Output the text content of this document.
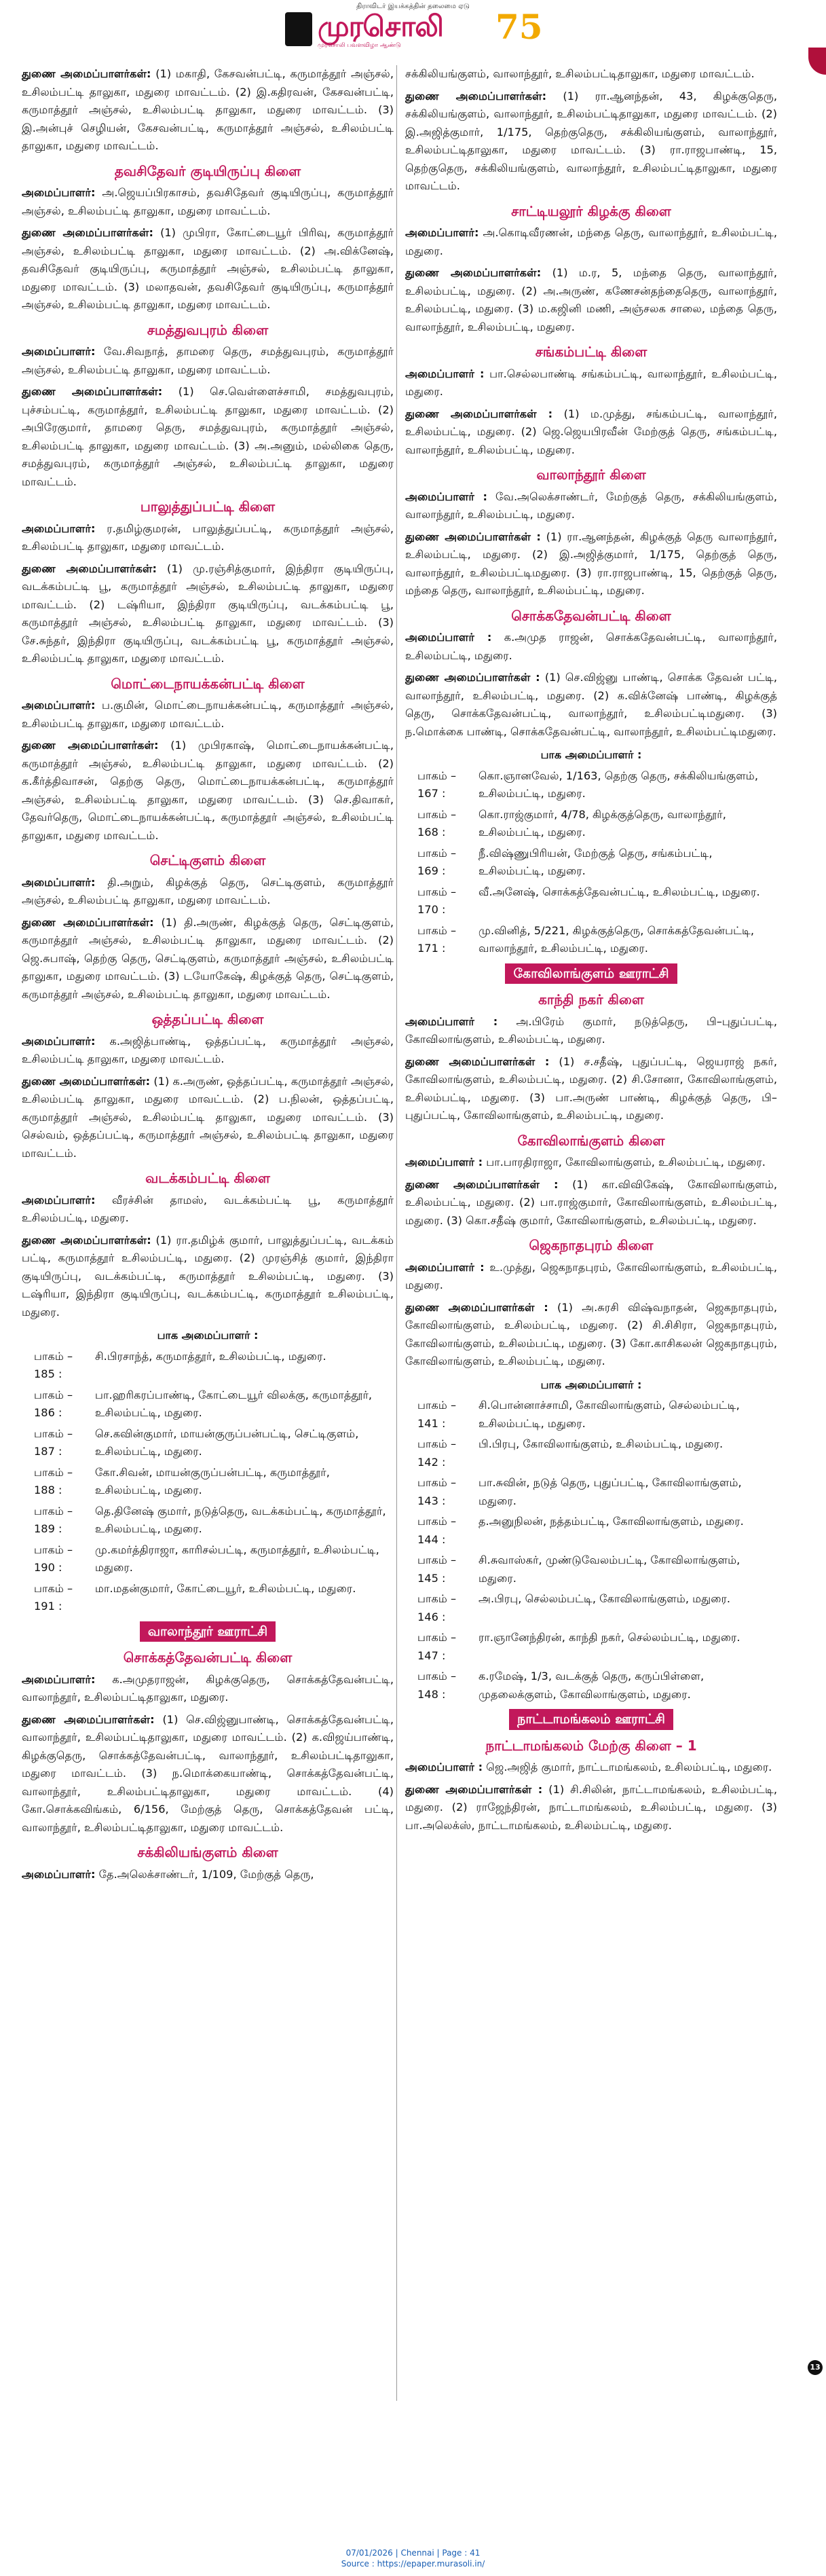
திராவிடர் இயக்கத்தின் தலைமை ஏடு
முரசொலி 75
முரசொலி பவளவிழா ஆண்டு

துணை அமைப்பாளர்கள்: (1) மகாதி, கேசவன்பட்டி, கருமாத்தூர் அஞ்சல், உசிலம்பட்டி தாலுகா, மதுரை மாவட்டம். (2) இ.கதிரவன், கேசவன்பட்டி, கருமாத்தூர் அஞ்சல், உசிலம்பட்டி தாலுகா, மதுரை மாவட்டம். (3) இ.அன்புச் செழியன், கேசவன்பட்டி, கருமாத்தூர் அஞ்சல், உசிலம்பட்டி தாலுகா, மதுரை மாவட்டம்.

தவசிதேவர் குடியிருப்பு கிளை

அமைப்பாளர்: அ.ஜெயப்பிரகாசம், தவசிதேவர் குடியிருப்பு, கருமாத்தூர் அஞ்சல், உசிலம்பட்டி தாலுகா, மதுரை மாவட்டம்.

துணை அமைப்பாளர்கள்: (1) முபிரா, கோட்டையூர் பிரிவு, கருமாத்தூர் அஞ்சல், உசிலம்பட்டி தாலுகா, மதுரை மாவட்டம். (2) அ.விக்னேஷ், தவசிதேவர் குடியிருப்பு, கருமாத்தூர் அஞ்சல், உசிலம்பட்டி தாலுகா, மதுரை மாவட்டம். (3) மலாதவன், தவசிதேவர் குடியிருப்பு, கருமாத்தூர் அஞ்சல், உசிலம்பட்டி தாலுகா, மதுரை மாவட்டம்.

சமத்துவபுரம் கிளை

அமைப்பாளர்: வே.சிவநாத், தாமரை தெரு, சமத்துவபுரம், கருமாத்தூர் அஞ்சல், உசிலம்பட்டி தாலுகா, மதுரை மாவட்டம்.

துணை அமைப்பாளர்கள்: (1) செ.வெள்ளைச்சாமி, சமத்துவபுரம், புச்சம்பட்டி, கருமாத்தூர், உசிலம்பட்டி தாலுகா, மதுரை மாவட்டம். (2) அபிரேகுமார், தாமரை தெரு, சமத்துவபுரம், கருமாத்தூர் அஞ்சல், உசிலம்பட்டி தாலுகா, மதுரை மாவட்டம். (3) அ.அனும், மல்லிகை தெரு, சமத்துவபுரம், கருமாத்தூர் அஞ்சல், உசிலம்பட்டி தாலுகா, மதுரை மாவட்டம்.

பாலுத்துப்பட்டி கிளை

அமைப்பாளர்: ர.தமிழ்குமரன், பாலுத்துப்பட்டி, கருமாத்தூர் அஞ்சல், உசிலம்பட்டி தாலுகா, மதுரை மாவட்டம்.

துணை அமைப்பாளர்கள்: (1) மு.ரஞ்சித்குமார், இந்திரா குடியிருப்பு, வடக்கம்பட்டி பூ, கருமாத்தூர் அஞ்சல், உசிலம்பட்டி தாலுகா, மதுரை மாவட்டம். (2) டஷ்ரியா, இந்திரா குடியிருப்பு, வடக்கம்பட்டி பூ, கருமாத்தூர் அஞ்சல், உசிலம்பட்டி தாலுகா, மதுரை மாவட்டம். (3) சே.சுந்தர், இந்திரா குடியிருப்பு, வடக்கம்பட்டி பூ, கருமாத்தூர் அஞ்சல், உசிலம்பட்டி தாலுகா, மதுரை மாவட்டம்.

மொட்டைநாயக்கன்பட்டி கிளை

அமைப்பாளர்: ப.குமின், மொட்டைநாயக்கன்பட்டி, கருமாத்தூர் அஞ்சல், உசிலம்பட்டி தாலுகா, மதுரை மாவட்டம்.

துணை அமைப்பாளர்கள்: (1) முபிரகாஷ், மொட்டைநாயக்கன்பட்டி, கருமாத்தூர் அஞ்சல், உசிலம்பட்டி தாலுகா, மதுரை மாவட்டம். (2) க.கீர்த்திவாசன், தெற்கு தெரு, மொட்டைநாயக்கன்பட்டி, கருமாத்தூர் அஞ்சல், உசிலம்பட்டி தாலுகா, மதுரை மாவட்டம். (3) செ.திவாகர், தேவர்தெரு, மொட்டைநாயக்கன்பட்டி, கருமாத்தூர் அஞ்சல், உசிலம்பட்டி தாலுகா, மதுரை மாவட்டம்.

செட்டிகுளம் கிளை

அமைப்பாளர்: தி.அறும், கிழக்குத் தெரு, செட்டிகுளம், கருமாத்தூர் அஞ்சல், உசிலம்பட்டி தாலுகா, மதுரை மாவட்டம்.

துணை அமைப்பாளர்கள்: (1) தி.அருண், கிழக்குத் தெரு, செட்டிகுளம், கருமாத்தூர் அஞ்சல், உசிலம்பட்டி தாலுகா, மதுரை மாவட்டம். (2) ஜெ.சுபாஷ், தெற்கு தெரு, செட்டிகுளம், கருமாத்தூர் அஞ்சல், உசிலம்பட்டி தாலுகா, மதுரை மாவட்டம். (3) டயோகேஷ், கிழக்குத் தெரு, செட்டிகுளம், கருமாத்தூர் அஞ்சல், உசிலம்பட்டி தாலுகா, மதுரை மாவட்டம்.

ஒத்தப்பட்டி கிளை

அமைப்பாளர்: க.அஜித்பாண்டி, ஒத்தப்பட்டி, கருமாத்தூர் அஞ்சல், உசிலம்பட்டி தாலுகா, மதுரை மாவட்டம்.

துணை அமைப்பாளர்கள்: (1) க.அருண், ஒத்தப்பட்டி, கருமாத்தூர் அஞ்சல், உசிலம்பட்டி தாலுகா, மதுரை மாவட்டம். (2) ப.நிலன், ஒத்தப்பட்டி, கருமாத்தூர் அஞ்சல், உசிலம்பட்டி தாலுகா, மதுரை மாவட்டம். (3) செல்வம், ஒத்தப்பட்டி, கருமாத்தூர் அஞ்சல், உசிலம்பட்டி தாலுகா, மதுரை மாவட்டம்.

வடக்கம்பட்டி கிளை

அமைப்பாளர்: வீரச்சின் தாமஸ், வடக்கம்பட்டி பூ, கருமாத்தூர் உசிலம்பட்டி, மதுரை.

துணை அமைப்பாளர்கள்: (1) ரா.தமிழ்க் குமார், பாலுத்துப்பட்டி, வடக்கம் பட்டி, கருமாத்தூர் உசிலம்பட்டி, மதுரை. (2) முரஞ்சித் குமார், இந்திரா குடியிருப்பு, வடக்கம்பட்டி, கருமாத்தூர் உசிலம்பட்டி, மதுரை. (3) டஷ்ரியா, இந்திரா குடியிருப்பு, வடக்கம்பட்டி, கருமாத்தூர் உசிலம்பட்டி, மதுரை.

பாக அமைப்பாளர் :
பாகம் – 185 :
சி.பிரசாந்த், கருமாத்தூர், உசிலம்பட்டி, மதுரை.
பாகம் – 186 :
பா.ஹரிகரப்பாண்டி, கோட்டையூர் விலக்கு, கருமாத்தூர், உசிலம்பட்டி, மதுரை.
பாகம் – 187 :
செ.கவின்குமார், மாயன்குருப்பன்பட்டி, செட்டிகுளம், உசிலம்பட்டி, மதுரை.
பாகம் – 188 :
கோ.சிவன், மாயன்குருப்பன்பட்டி, கருமாத்தூர், உசிலம்பட்டி, மதுரை.
பாகம் – 189 :
தெ.தினேஷ் குமார், நடுத்தெரு, வடக்கம்பட்டி, கருமாத்தூர், உசிலம்பட்டி, மதுரை.
பாகம் – 190 :
மு.கமர்த்திராஜா, காரிசல்பட்டி, கருமாத்தூர், உசிலம்பட்டி, மதுரை.
பாகம் – 191 :
மா.மதன்குமார், கோட்டையூர், உசிலம்பட்டி, மதுரை.
வாலாந்தூர் ஊராட்சி
சொக்கத்தேவன்பட்டி கிளை

அமைப்பாளர்: க.அமுதராஜன், கிழக்குதெரு, சொக்கத்தேவன்பட்டி, வாலாந்தூர், உசிலம்பட்டிதாலுகா, மதுரை.

துணை அமைப்பாளர்கள்: (1) செ.விஜ்னுபாண்டி, சொக்கத்தேவன்பட்டி, வாலாந்தூர், உசிலம்பட்டிதாலுகா, மதுரை மாவட்டம். (2) க.விஜய்பாண்டி, கிழக்குதெரு, சொக்கத்தேவன்பட்டி, வாலாந்தூர், உசிலம்பட்டிதாலுகா, மதுரை மாவட்டம். (3) ந.மொக்கையாண்டி, சொக்கத்தேவன்பட்டி, வாலாந்தூர், உசிலம்பட்டிதாலுகா, மதுரை மாவட்டம். (4) கோ.சொக்கவிங்கம், 6/156, மேற்குத் தெரு, சொக்கத்தேவன் பட்டி, வாலாந்தூர், உசிலம்பட்டிதாலுகா, மதுரை மாவட்டம்.

சக்கிலியங்குளம் கிளை

அமைப்பாளர்: தே.அலெக்சாண்டர், 1/109, மேற்குத் தெரு,

சக்கிலியங்குளம், வாலாந்தூர், உசிலம்பட்டிதாலுகா, மதுரை மாவட்டம்.

துணை அமைப்பாளர்கள்: (1) ரா.ஆனந்தன், 43, கிழக்குதெரு, சக்கிலியங்குளம், வாலாந்தூர், உசிலம்பட்டிதாலுகா, மதுரை மாவட்டம். (2) இ.அஜித்குமார், 1/175, தெற்குதெரு, சக்கிலியங்குளம், வாலாந்தூர், உசிலம்பட்டிதாலுகா, மதுரை மாவட்டம். (3) ரா.ராஜபாண்டி, 15, தெற்குதெரு, சக்கிலியங்குளம், வாலாந்தூர், உசிலம்பட்டிதாலுகா, மதுரை மாவட்டம்.

சாட்டியலூர் கிழக்கு கிளை

அமைப்பாளர்: அ.கொடிவீரணன், மந்தை தெரு, வாலாந்தூர், உசிலம்பட்டி, மதுரை.

துணை அமைப்பாளர்கள்: (1) ம.ர, 5, மந்தை தெரு, வாலாந்தூர், உசிலம்பட்டி, மதுரை. (2) அ.அருண், கணேசன்தந்தைதெரு, வாலாந்தூர், உசிலம்பட்டி, மதுரை. (3) ம.கஜினி மணி, அஞ்சலக சாலை, மந்தை தெரு, வாலாந்தூர், உசிலம்பட்டி, மதுரை.

சங்கம்பட்டி கிளை

அமைப்பாளர் : பா.செல்லபாண்டி சங்கம்பட்டி, வாலாந்தூர், உசிலம்பட்டி, மதுரை.

துணை அமைப்பாளர்கள் : (1) ம.முத்து, சங்கம்பட்டி, வாலாந்தூர், உசிலம்பட்டி, மதுரை. (2) ஜெ.ஜெயபிரவீன் மேற்குத் தெரு, சங்கம்பட்டி, வாலாந்தூர், உசிலம்பட்டி, மதுரை.

வாலாந்தூர் கிளை

அமைப்பாளர் : வே.அலெக்சாண்டர், மேற்குத் தெரு, சக்கிலியங்குளம், வாலாந்தூர், உசிலம்பட்டி, மதுரை.

துணை அமைப்பாளர்கள் : (1) ரா.ஆனந்தன், கிழக்குத் தெரு வாலாந்தூர், உசிலம்பட்டி, மதுரை. (2) இ.அஜித்குமார், 1/175, தெற்குத் தெரு, வாலாந்தூர், உசிலம்பட்டிமதுரை. (3) ரா.ராஜபாண்டி, 15, தெற்குத் தெரு, மந்தை தெரு, வாலாந்தூர், உசிலம்பட்டி, மதுரை.

சொக்கதேவன்பட்டி கிளை

அமைப்பாளர் : க.அமுத ராஜன், சொக்கதேவன்பட்டி, வாலாந்தூர், உசிலம்பட்டி, மதுரை.

துணை அமைப்பாளர்கள் : (1) செ.விஜ்னு பாண்டி, சொக்க தேவன் பட்டி, வாலாந்தூர், உசிலம்பட்டி, மதுரை. (2) க.விக்னேஷ் பாண்டி, கிழக்குத் தெரு, சொக்கதேவன்பட்டி, வாலாந்தூர், உசிலம்பட்டிமதுரை. (3) ந.மொக்கை பாண்டி, சொக்கதேவன்பட்டி, வாலாந்தூர், உசிலம்பட்டிமதுரை.

பாக அமைப்பாளர் :
பாகம் – 167 :
கொ.ஞானவேல், 1/163, தெற்கு தெரு, சக்கிலியங்குளம், உசிலம்பட்டி, மதுரை.
பாகம் – 168 :
கொ.ராஜ்குமார், 4/78, கிழக்குத்தெரு, வாலாந்தூர், உசிலம்பட்டி, மதுரை.
பாகம் – 169 :
நீ.விஷ்ணுபிரியன், மேற்குத் தெரு, சங்கம்பட்டி, உசிலம்பட்டி, மதுரை.
பாகம் – 170 :
வீ.அனேஷ், சொக்கத்தேவன்பட்டி, உசிலம்பட்டி, மதுரை.
பாகம் – 171 :
மு.வினித், 5/221, கிழக்குத்தெரு, சொக்கத்தேவன்பட்டி, வாலாந்தூர், உசிலம்பட்டி, மதுரை.
கோவிலாங்குளம் ஊராட்சி
காந்தி நகர் கிளை

அமைப்பாளர் : அ.பிரேம் குமார், நடுத்தெரு, பி–புதுப்பட்டி, கோவிலாங்குளம், உசிலம்பட்டி, மதுரை.

துணை அமைப்பாளர்கள் : (1) ச.சதீஷ், புதுப்பட்டி, ஜெயராஜ் நகர், கோவிலாங்குளம், உசிலம்பட்டி, மதுரை. (2) சி.சோனா, கோவிலாங்குளம், உசிலம்பட்டி, மதுரை. (3) பா.அருண் பாண்டி, கிழக்குத் தெரு, பி–புதுப்பட்டி, கோவிலாங்குளம், உசிலம்பட்டி, மதுரை.

கோவிலாங்குளம் கிளை

அமைப்பாளர் : பா.பாரதிராஜா, கோவிலாங்குளம், உசிலம்பட்டி, மதுரை.

துணை அமைப்பாளர்கள் : (1) கா.விவிகேஷ், கோவிலாங்குளம், உசிலம்பட்டி, மதுரை. (2) பா.ராஜ்குமார், கோவிலாங்குளம், உசிலம்பட்டி, மதுரை. (3) கொ.சதீஷ் குமார், கோவிலாங்குளம், உசிலம்பட்டி, மதுரை.

ஜெகநாதபுரம் கிளை

அமைப்பாளர் : உ.முத்து, ஜெகநாதபுரம், கோவிலாங்குளம், உசிலம்பட்டி, மதுரை.

துணை அமைப்பாளர்கள் : (1) அ.சுரசி விஷ்வநாதன், ஜெகநாதபுரம், கோவிலாங்குளம், உசிலம்பட்டி, மதுரை. (2) சி.சிசிரா, ஜெகநாதபுரம், கோவிலாங்குளம், உசிலம்பட்டி, மதுரை. (3) கோ.காசிகலன் ஜெகநாதபுரம், கோவிலாங்குளம், உசிலம்பட்டி, மதுரை.

பாக அமைப்பாளர் :
பாகம் – 141 :
சி.பொன்னாச்சாமி, கோவிலாங்குளம், செல்லம்பட்டி, உசிலம்பட்டி, மதுரை.
பாகம் – 142 :
பி.பிரபு, கோவிலாங்குளம், உசிலம்பட்டி, மதுரை.
பாகம் – 143 :
பா.சுவின், நடுத் தெரு, புதுப்பட்டி, கோவிலாங்குளம், மதுரை.
பாகம் – 144 :
த.அனுநிலன், நத்தம்பட்டி, கோவிலாங்குளம், மதுரை.
பாகம் – 145 :
சி.சுவாஸ்கர், முண்டுவேலம்பட்டி, கோவிலாங்குளம், மதுரை.
பாகம் – 146 :
அ.பிரபு, செல்லம்பட்டி, கோவிலாங்குளம், மதுரை.
பாகம் – 147 :
ரா.ஞானேந்திரன், காந்தி நகர், செல்லம்பட்டி, மதுரை.
பாகம் – 148 :
க.ரமேஷ், 1/3, வடக்குத் தெரு, கருப்பிள்ளை, முதலைக்குளம், கோவிலாங்குளம், மதுரை.
நாட்டாமங்கலம் ஊராட்சி
நாட்டாமங்கலம் மேற்கு கிளை – 1

அமைப்பாளர் : ஜெ.அஜித் குமார், நாட்டாமங்கலம், உசிலம்பட்டி, மதுரை.

துணை அமைப்பாளர்கள் : (1) சி.சிலின், நாட்டாமங்கலம், உசிலம்பட்டி, மதுரை. (2) ராஜேந்திரன், நாட்டாமங்கலம், உசிலம்பட்டி, மதுரை. (3) பா.அலெக்ஸ், நாட்டாமங்கலம், உசிலம்பட்டி, மதுரை.

13
07/01/2026 | Chennai | Page : 41
Source : https://epaper.murasoli.in/
